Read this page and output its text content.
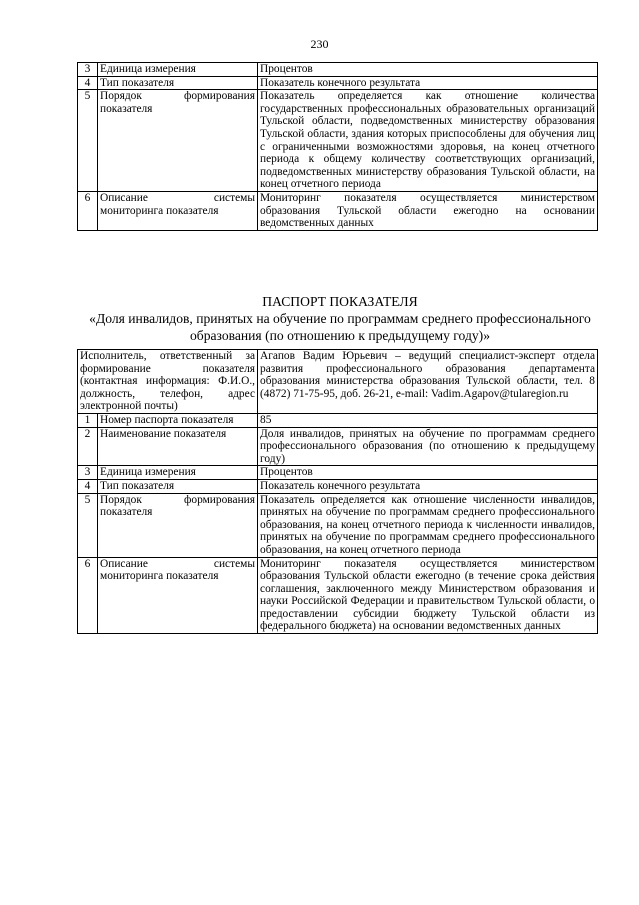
230
3	Единица измерения	Процентов
4	Тип показателя	Показатель конечного результата
5	Порядок формирования показателя	Показатель определяется как отношение количества государственных профессиональных образовательных организаций Тульской области, подведомственных министерству образования Тульской области, здания которых приспособлены для обучения лиц с ограниченными возможностями здоровья, на конец отчетного периода к общему количеству соответствующих организаций, подведомственных министерству образования Тульской области, на конец отчетного периода
6	Описание системы мониторинга показателя	Мониторинг показателя осуществляется министерством образования Тульской области ежегодно на основании ведомственных данных
ПАСПОРТ ПОКАЗАТЕЛЯ
«Доля инвалидов, принятых на обучение по программам среднего профессионального образования (по отношению к предыдущему году)»
Исполнитель, ответственный за формирование показателя (контактная информация: Ф.И.О., должность, телефон, адрес электронной почты)		Агапов Вадим Юрьевич – ведущий специалист-эксперт отдела развития профессионального образования департамента образования министерства образования Тульской области, тел. 8 (4872) 71-75-95, доб. 26-21, e-mail: Vadim.Agapov@tularegion.ru
1	Номер паспорта показателя	85
2	Наименование показателя	Доля инвалидов, принятых на обучение по программам среднего профессионального образования (по отношению к предыдущему году)
3	Единица измерения	Процентов
4	Тип показателя	Показатель конечного результата
5	Порядок формирования показателя	Показатель определяется как отношение численности инвалидов, принятых на обучение по программам среднего профессионального образования, на конец отчетного периода к численности инвалидов, принятых на обучение по программам среднего профессионального образования, на конец отчетного периода
6	Описание системы мониторинга показателя	Мониторинг показателя осуществляется министерством образования Тульской области ежегодно (в течение срока действия соглашения, заключенного между Министерством образования и науки Российской Федерации и правительством Тульской области, о предоставлении субсидии бюджету Тульской области из федерального бюджета) на основании ведомственных данных
